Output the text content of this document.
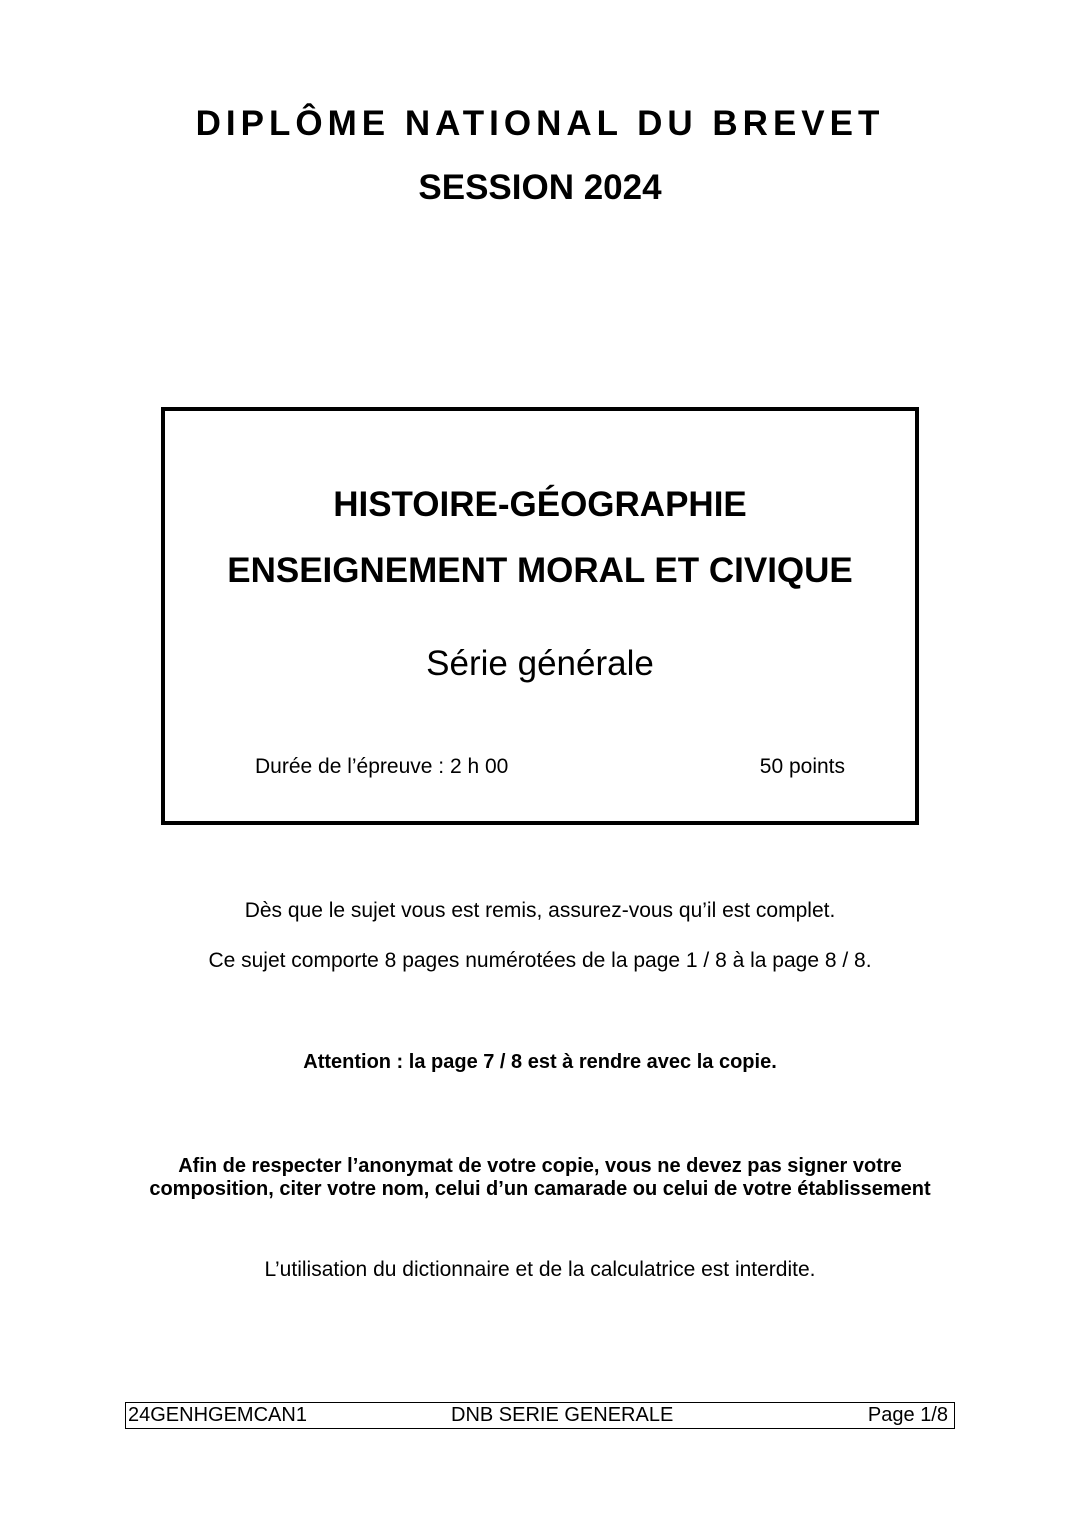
DIPLÔME NATIONAL DU BREVET
SESSION 2024
HISTOIRE-GÉOGRAPHIE
ENSEIGNEMENT MORAL ET CIVIQUE
Série générale
Durée de l’épreuve : 2 h 00	50 points
Dès que le sujet vous est remis, assurez-vous qu’il est complet.
Ce sujet comporte 8 pages numérotées de la page 1 / 8 à la page 8 / 8.
Attention : la page 7 / 8 est à rendre avec la copie.
Afin de respecter l’anonymat de votre copie, vous ne devez pas signer votre
composition, citer votre nom, celui d’un camarade ou celui de votre établissement
L’utilisation du dictionnaire et de la calculatrice est interdite.
24GENHGEMCAN1	DNB SERIE GENERALE	Page 1/8
